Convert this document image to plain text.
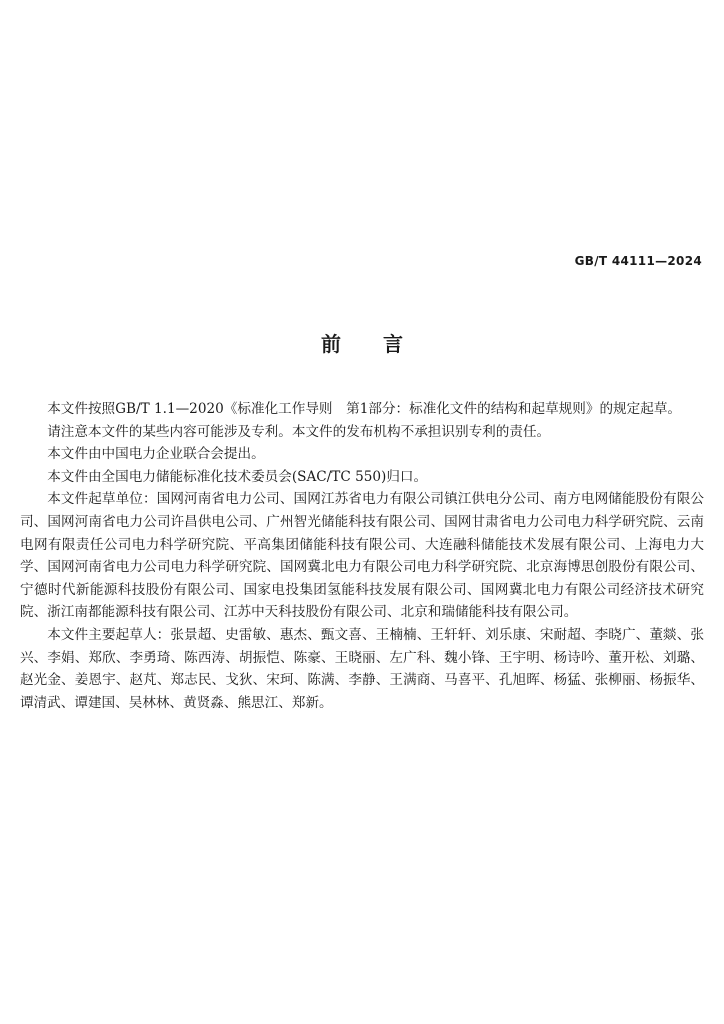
GB/T 44111—2024
前言

本文件按照GB/T 1.1—2020《标准化工作导则　第1部分：标准化文件的结构和起草规则》的规定起草。

请注意本文件的某些内容可能涉及专利。本文件的发布机构不承担识别专利的责任。

本文件由中国电力企业联合会提出。

本文件由全国电力储能标准化技术委员会(SAC/TC 550)归口。

本文件起草单位：国网河南省电力公司、国网江苏省电力有限公司镇江供电分公司、南方电网储能股份有限公司、国网河南省电力公司许昌供电公司、广州智光储能科技有限公司、国网甘肃省电力公司电力科学研究院、云南电网有限责任公司电力科学研究院、平高集团储能科技有限公司、大连融科储能技术发展有限公司、上海电力大学、国网河南省电力公司电力科学研究院、国网冀北电力有限公司电力科学研究院、北京海博思创股份有限公司、宁德时代新能源科技股份有限公司、国家电投集团氢能科技发展有限公司、国网冀北电力有限公司经济技术研究院、浙江南都能源科技有限公司、江苏中天科技股份有限公司、北京和瑞储能科技有限公司。

本文件主要起草人：张景超、史雷敏、惠杰、甄文喜、王楠楠、王轩轩、刘乐康、宋耐超、李晓广、董燚、张兴、李娟、郑欣、李勇琦、陈西涛、胡振恺、陈豪、王晓丽、左广科、魏小锋、王宇明、杨诗吟、董开松、刘璐、赵光金、姜恩宇、赵芃、郑志民、戈狄、宋珂、陈满、李静、王满商、马喜平、孔旭晖、杨猛、张柳丽、杨振华、谭清武、谭建国、吴林林、黄贤淼、熊思江、郑新。
